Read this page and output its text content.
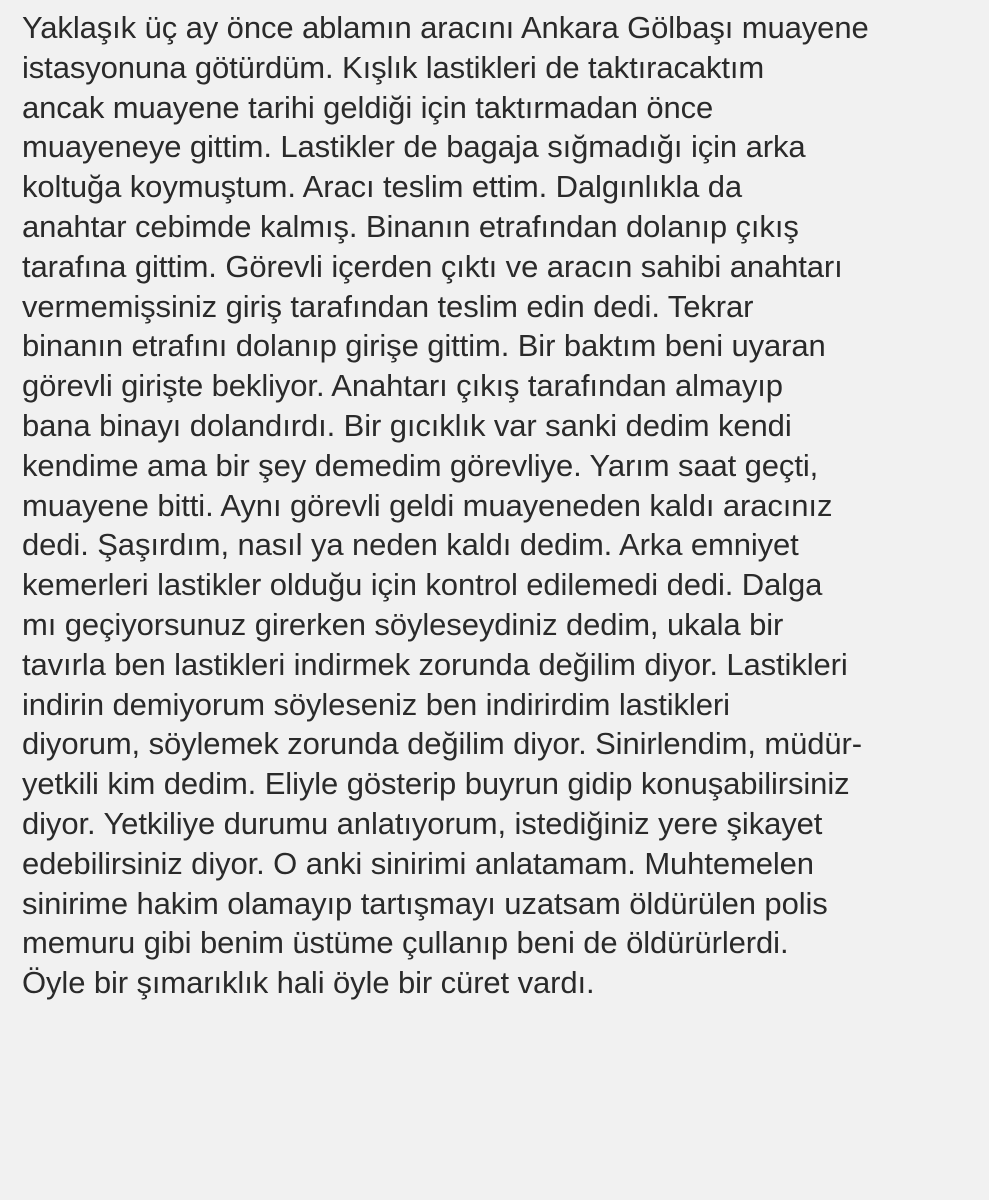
Yaklaşık üç ay önce ablamın aracını Ankara Gölbaşı muayene
istasyonuna götürdüm. Kışlık lastikleri de taktıracaktım
ancak muayene tarihi geldiği için taktırmadan önce
muayeneye gittim. Lastikler de bagaja sığmadığı için arka
koltuğa koymuştum. Aracı teslim ettim. Dalgınlıkla da
anahtar cebimde kalmış. Binanın etrafından dolanıp çıkış
tarafına gittim. Görevli içerden çıktı ve aracın sahibi anahtarı
vermemişsiniz giriş tarafından teslim edin dedi. Tekrar
binanın etrafını dolanıp girişe gittim. Bir baktım beni uyaran
görevli girişte bekliyor. Anahtarı çıkış tarafından almayıp
bana binayı dolandırdı. Bir gıcıklık var sanki dedim kendi
kendime ama bir şey demedim görevliye. Yarım saat geçti,
muayene bitti. Aynı görevli geldi muayeneden kaldı aracınız
dedi. Şaşırdım, nasıl ya neden kaldı dedim. Arka emniyet
kemerleri lastikler olduğu için kontrol edilemedi dedi. Dalga
mı geçiyorsunuz girerken söyleseydiniz dedim, ukala bir
tavırla ben lastikleri indirmek zorunda değilim diyor. Lastikleri
indirin demiyorum söyleseniz ben indirirdim lastikleri
diyorum, söylemek zorunda değilim diyor. Sinirlendim, müdür-
yetkili kim dedim. Eliyle gösterip buyrun gidip konuşabilirsiniz
diyor. Yetkiliye durumu anlatıyorum, istediğiniz yere şikayet
edebilirsiniz diyor. O anki sinirimi anlatamam. Muhtemelen
sinirime hakim olamayıp tartışmayı uzatsam öldürülen polis
memuru gibi benim üstüme çullanıp beni de öldürürlerdi.
Öyle bir şımarıklık hali öyle bir cüret vardı.
